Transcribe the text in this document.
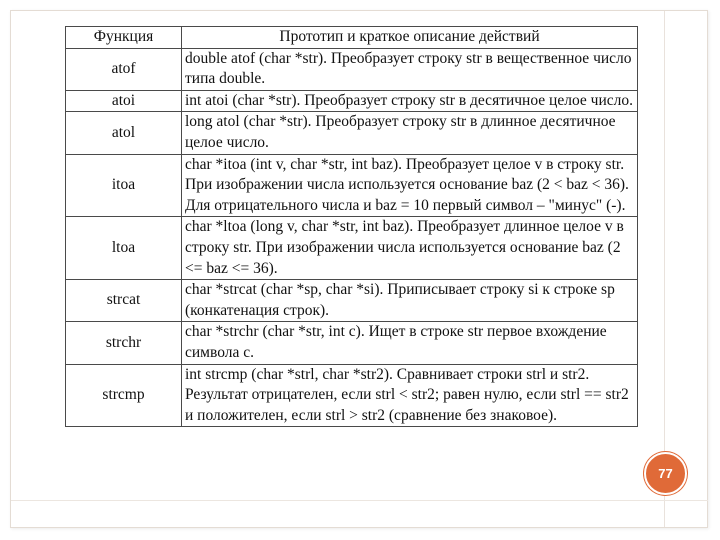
Функция	Прототип и краткое описание действий
atof	double atof (char *str). Преобразует строку str в вещественное число типа double.
atoi	int atoi (char *str). Преобразует строку str в десятичное целое число.
atol	long atol (char *str). Преобразует строку str в длинное десятичное целое число.
itoa	char *itoa (int v, char *str, int baz). Преобразует целое v в строку str. При изображении числа используется основание baz (2 < baz < 36). Для отрицательного числа и baz = 10 первый символ – "минус" (-).
ltoa	char *ltoa (long v, char *str, int baz). Преобразует длинное целое v в строку str. При изображении числа используется основание baz (2 <= baz <= 36).
strcat	char *strcat (char *sp, char *si). Приписывает строку si к строке sp (конкатенация строк).
strchr	char *strchr (char *str, int c). Ищет в строке str первое вхождение символа с.
strcmp	int strcmp (char *strl, char *str2). Сравнивает строки strl и str2. Результат отрицателен, если strl < str2; равен нулю, если strl == str2 и положителен, если strl > str2 (сравнение без знаковое).
77
